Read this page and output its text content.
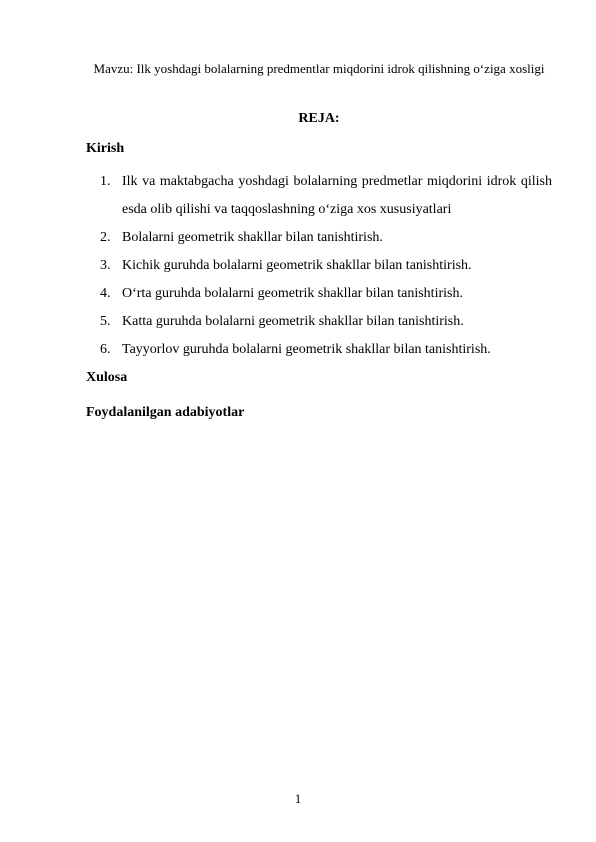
Mavzu: Ilk yoshdagi bolalarning predmentlar miqdorini idrok qilishning o‘ziga xosligi
REJA:
Kirish
1. Ilk va maktabgacha yoshdagi bolalarning predmetlar miqdorini idrok qilish esda olib qilishi va taqqoslashning o‘ziga xos xususiyatlari
2. Bolalarni geometrik shakllar bilan tanishtirish.
3. Kichik guruhda bolalarni geometrik shakllar bilan tanishtirish.
4. O‘rta guruhda bolalarni geometrik shakllar bilan tanishtirish.
5. Katta guruhda bolalarni geometrik shakllar bilan tanishtirish.
6. Tayyorlov guruhda bolalarni geometrik shakllar bilan tanishtirish.
Xulosa
Foydalanilgan adabiyotlar
1
